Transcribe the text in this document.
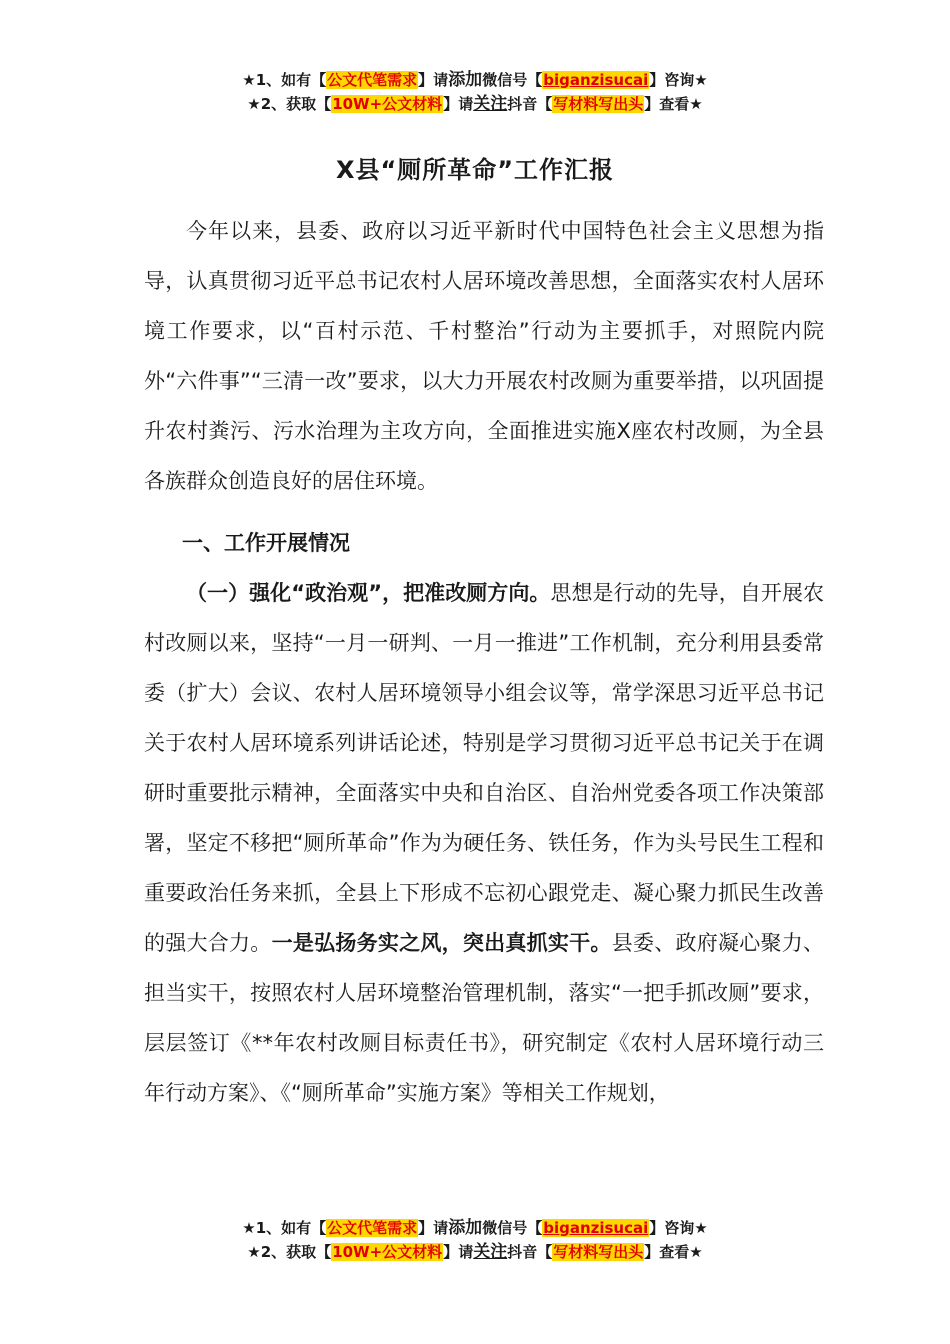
★1、如有【公文代笔需求】请添加微信号【biganzisucai】咨询★
★2、获取【10W+公文材料】请关注抖音【写材料写出头】查看★
X县“厕所革命”工作汇报

今年以来，县委、政府以习近平新时代中国特色社会主义思想为指导，认真贯彻习近平总书记农村人居环境改善思想，全面落实农村人居环境工作要求，以“百村示范、千村整治”行动为主要抓手，对照院内院外“六件事”“三清一改”要求，以大力开展农村改厕为重要举措，以巩固提升农村粪污、污水治理为主攻方向，全面推进实施X座农村改厕，为全县各族群众创造良好的居住环境。

一、工作开展情况

（一）强化“政治观”，把准改厕方向。思想是行动的先导，自开展农村改厕以来，坚持“一月一研判、一月一推进”工作机制，充分利用县委常委（扩大）会议、农村人居环境领导小组会议等，常学深思习近平总书记关于农村人居环境系列讲话论述，特别是学习贯彻习近平总书记关于在调研时重要批示精神，全面落实中央和自治区、自治州党委各项工作决策部署，坚定不移把“厕所革命”作为为硬任务、铁任务，作为头号民生工程和重要政治任务来抓，全县上下形成不忘初心跟党走、凝心聚力抓民生改善的强大合力。一是弘扬务实之风，突出真抓实干。县委、政府凝心聚力、担当实干，按照农村人居环境整治管理机制，落实“一把手抓改厕”要求，层层签订《**年农村改厕目标责任书》，研究制定《农村人居环境行动三年行动方案》、《“厕所革命”实施方案》等相关工作规划，

★1、如有【公文代笔需求】请添加微信号【biganzisucai】咨询★
★2、获取【10W+公文材料】请关注抖音【写材料写出头】查看★
